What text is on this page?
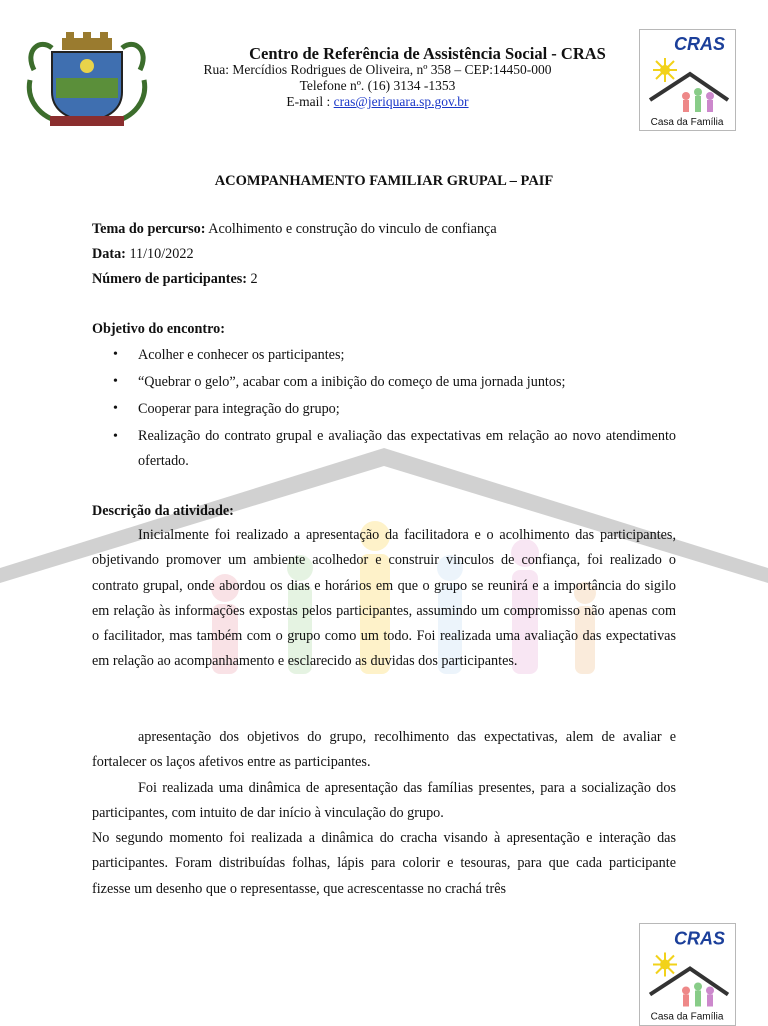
Centro de Referência de Assistência Social - CRAS
Rua: Mercídios Rodrigues de Oliveira, nº 358 – CEP:14450-000
Telefone nº. (16) 3134 -1353
E-mail : cras@jeriquara.sp.gov.br
CRAS
Casa da Família
ACOMPANHAMENTO FAMILIAR GRUPAL – PAIF
Tema do percurso: Acolhimento e construção do vinculo de confiança
Data: 11/10/2022
Número de participantes: 2
Objetivo do encontro:
• Acolher e conhecer os participantes;
• “Quebrar o gelo”, acabar com a inibição do começo de uma jornada juntos;
• Cooperar para integração do grupo;
• Realização do contrato grupal e avaliação das expectativas em relação ao novo atendimento ofertado.
Descrição da atividade:
Inicialmente foi realizado a apresentação da facilitadora e o acolhimento das participantes, objetivando promover um ambiente acolhedor e construir vinculos de confiança, foi realizado o contrato grupal, onde abordou os dias e horários em que o grupo se reunirá e a importância do sigilo em relação às informações expostas pelos participantes, assumindo um compromisso não apenas com o facilitador, mas também com o grupo como um todo. Foi realizada uma avaliação das expectativas em relação ao acompanhamento e esclarecido as duvidas dos participantes.
apresentação dos objetivos do grupo, recolhimento das expectativas, alem de avaliar e fortalecer os laços afetivos entre as participantes.
Foi realizada uma dinâmica de apresentação das famílias presentes, para a socialização dos participantes, com intuito de dar início à vinculação do grupo.
No segundo momento foi realizada a dinâmica do cracha visando à apresentação e interação das participantes. Foram distribuídas folhas, lápis para colorir e tesouras, para que cada participante fizesse um desenho que o representasse, que acrescentasse no crachá três
CRAS
Casa da Família
